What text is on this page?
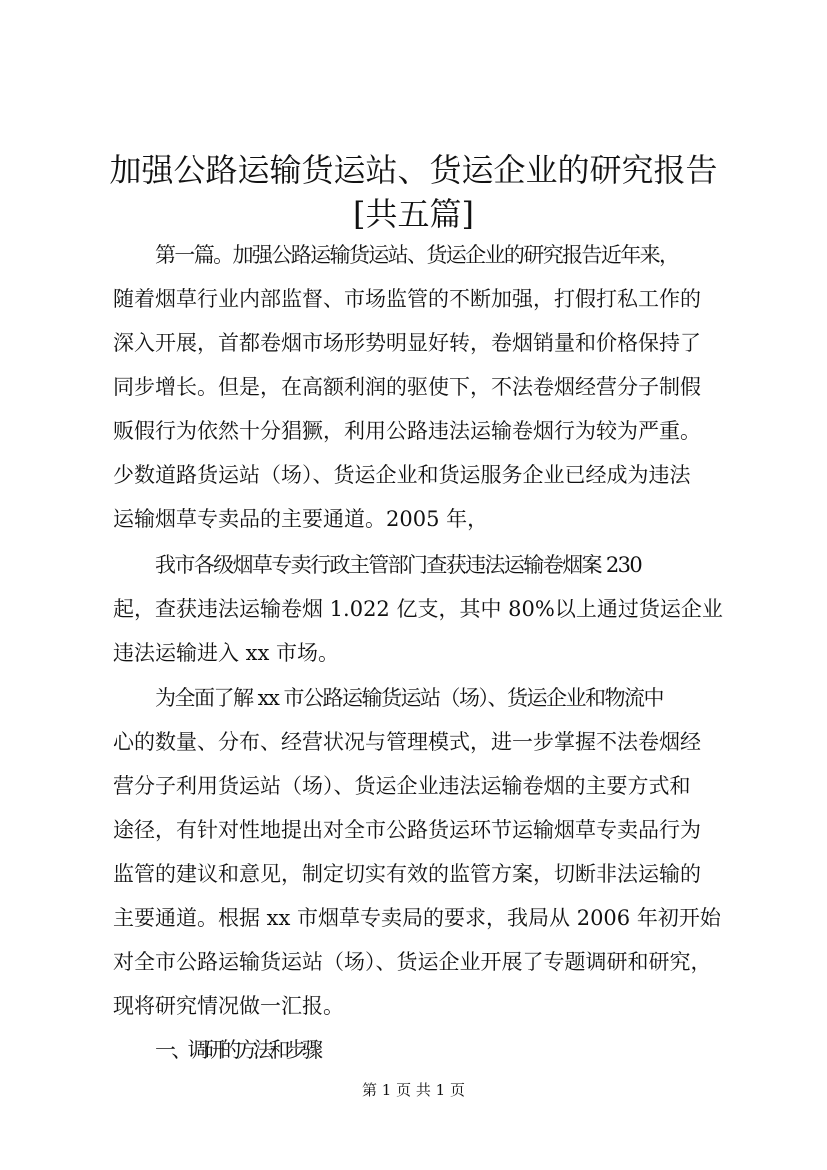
加强公路运输货运站、货运企业的研究报告
[共五篇]
第一篇。加强公路运输货运站、货运企业的研究报告近年来，
随着烟草行业内部监督、市场监管的不断加强，打假打私工作的
深入开展，首都卷烟市场形势明显好转，卷烟销量和价格保持了
同步增长。但是，在高额利润的驱使下，不法卷烟经营分子制假
贩假行为依然十分猖獗，利用公路违法运输卷烟行为较为严重。
少数道路货运站（场）、货运企业和货运服务企业已经成为违法
运输烟草专卖品的主要通道。2005 年，
我市各级烟草专卖行政主管部门查获违法运输卷烟案 230
起，查获违法运输卷烟 1.022 亿支，其中 80%以上通过货运企业
违法运输进入 xx 市场。
为全面了解 xx 市公路运输货运站（场）、货运企业和物流中
心的数量、分布、经营状况与管理模式，进一步掌握不法卷烟经
营分子利用货运站（场）、货运企业违法运输卷烟的主要方式和
途径，有针对性地提出对全市公路货运环节运输烟草专卖品行为
监管的建议和意见，制定切实有效的监管方案，切断非法运输的
主要通道。根据 xx 市烟草专卖局的要求，我局从 2006 年初开始
对全市公路运输货运站（场）、货运企业开展了专题调研和研究，
现将研究情况做一汇报。
一、调研的方法和步骤
第 1 页 共 1 页
